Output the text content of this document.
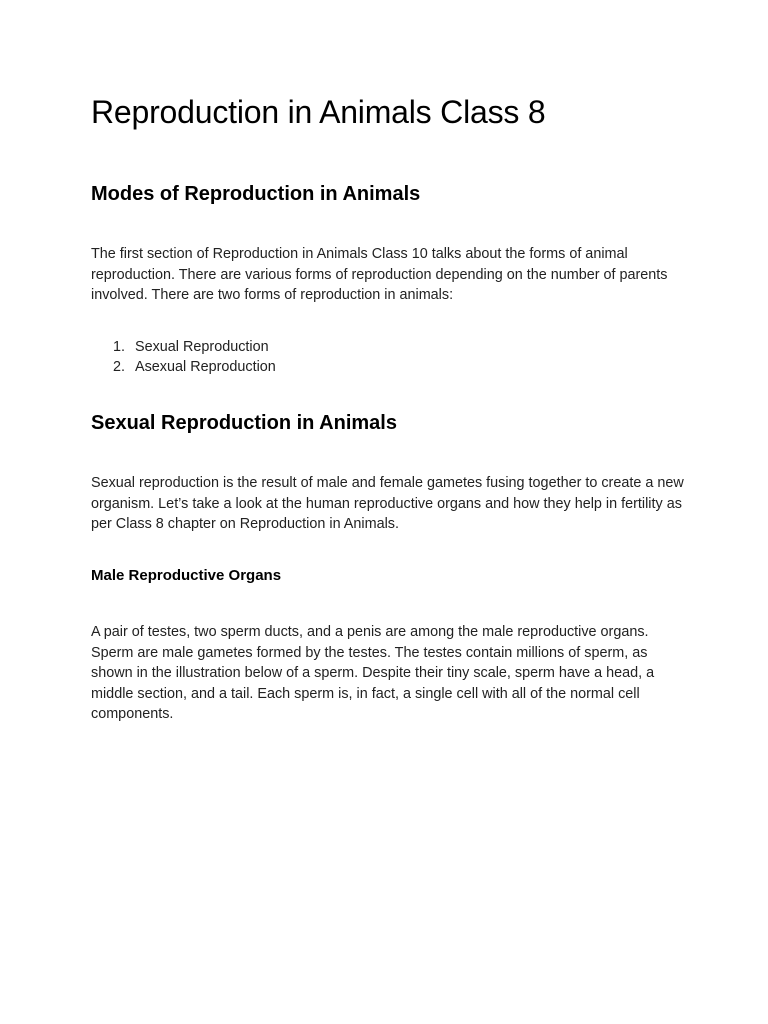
Reproduction in Animals Class 8
Modes of Reproduction in Animals

The first section of Reproduction in Animals Class 10 talks about the forms of animal reproduction. There are various forms of reproduction depending on the number of parents involved. There are two forms of reproduction in animals:

1. Sexual Reproduction
2. Asexual Reproduction
Sexual Reproduction in Animals

Sexual reproduction is the result of male and female gametes fusing together to create a new organism. Let’s take a look at the human reproductive organs and how they help in fertility as per Class 8 chapter on Reproduction in Animals.

Male Reproductive Organs

A pair of testes, two sperm ducts, and a penis are among the male reproductive organs. Sperm are male gametes formed by the testes. The testes contain millions of sperm, as shown in the illustration below of a sperm. Despite their tiny scale, sperm have a head, a middle section, and a tail. Each sperm is, in fact, a single cell with all of the normal cell components.
